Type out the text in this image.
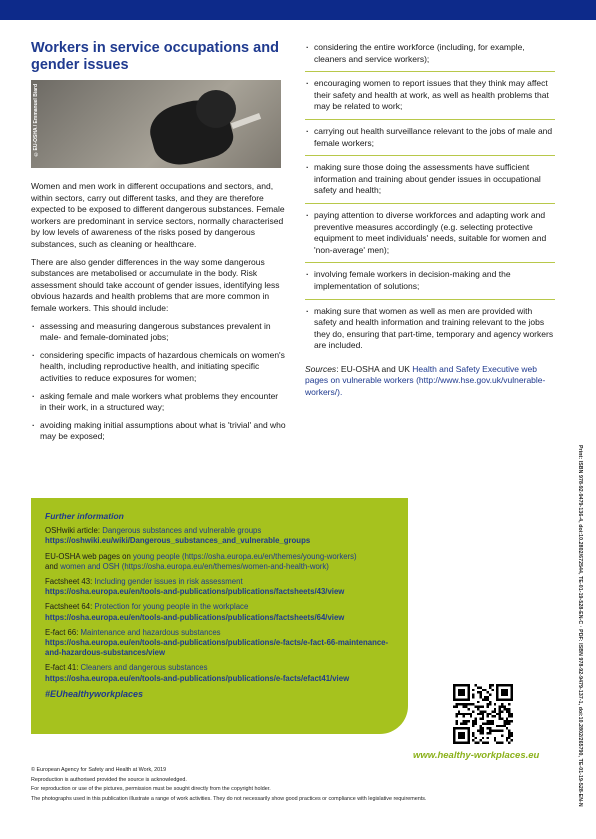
Workers in service occupations and gender issues
©EU-OSHA / Emmanuel Biard

Women and men work in different occupations and sectors, and, within sectors, carry out different tasks, and they are therefore expected to be exposed to different dangerous substances. Female workers are predominant in service sectors, normally characterised by low levels of awareness of the risks posed by dangerous substances, such as cleaning or healthcare.

There are also gender differences in the way some dangerous substances are metabolised or accumulate in the body. Risk assessment should take account of gender issues, identifying less obvious hazards and health problems that are more common in female workers. This should include:

· assessing and measuring dangerous substances prevalent in male- and female-dominated jobs;
· considering specific impacts of hazardous chemicals on women's health, including reproductive health, and initiating specific activities to reduce exposures for women;
· asking female and male workers what problems they encounter in their work, in a structured way;
· avoiding making initial assumptions about what is 'trivial' and who may be exposed;
· considering the entire workforce (including, for example, cleaners and service workers);
· encouraging women to report issues that they think may affect their safety and health at work, as well as health problems that may be related to work;
· carrying out health surveillance relevant to the jobs of male and female workers;
· making sure those doing the assessments have sufficient information and training about gender issues in occupational safety and health;
· paying attention to diverse workforces and adapting work and preventive measures accordingly (e.g. selecting protective equipment to meet individuals' needs, suitable for women and 'non-average' men);
· involving female workers in decision-making and the implementation of solutions;
· making sure that women as well as men are provided with safety and health information and training relevant to the jobs they do, ensuring that part-time, temporary and agency workers are included.

Sources: EU-OSHA and UK Health and Safety Executive web pages on vulnerable workers (http://www.hse.gov.uk/vulnerable-workers/).

Further information
OSHwiki article: Dangerous substances and vulnerable groups
https://oshwiki.eu/wiki/Dangerous_substances_and_vulnerable_groups
EU-OSHA web pages on young people (https://osha.europa.eu/en/themes/young-workers)
and women and OSH (https://osha.europa.eu/en/themes/women-and-health-work)
Factsheet 43: Including gender issues in risk assessment
https://osha.europa.eu/en/tools-and-publications/publications/factsheets/43/view
Factsheet 64: Protection for young people in the workplace
https://osha.europa.eu/en/tools-and-publications/publications/factsheets/64/view
E-fact 66: Maintenance and hazardous substances
https://osha.europa.eu/en/tools-and-publications/publications/e-facts/e-fact-66-maintenance-and-hazardous-substances/view
E-fact 41: Cleaners and dangerous substances
https://osha.europa.eu/en/tools-and-publications/publications/e-facts/efact41/view
#EUhealthyworkplaces
www.healthy-workplaces.eu
© European Agency for Safety and Health at Work, 2019
Reproduction is authorised provided the source is acknowledged.
For reproduction or use of the pictures, permission must be sought directly from the copyright holder.
The photographs used in this publication illustrate a range of work activities. They do not necessarily show good practices or compliance with legislative requirements.	Print: ISBN 978-92-9479-136-4, doi:10.2802/672544, TE-01-19-528-EN-C · PDF: ISBN 978-92-9479-137-1, doi:10.2802/265790, TE-01-19-528-EN-N
